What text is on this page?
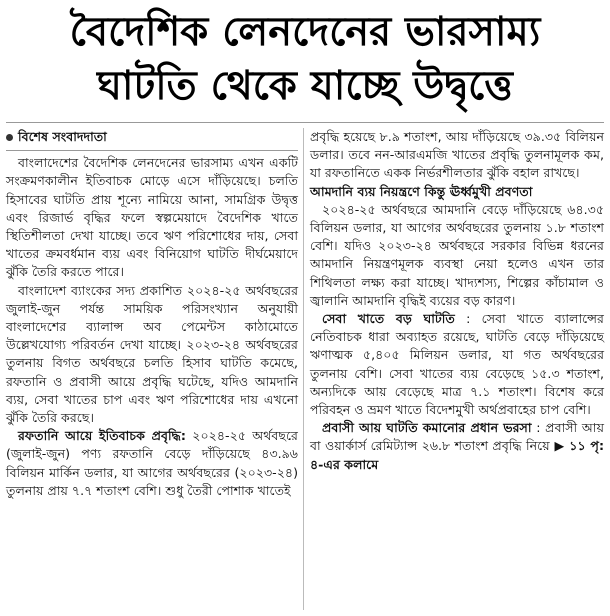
বৈদেশিক লেনদেনের ভারসাম্য
ঘাটতি থেকে যাচ্ছে উদ্বৃত্তে
বিশেষ সংবাদদাতা

বাংলাদেশের বৈদেশিক লেনদেনের ভারসাম্য এখন একটি সংক্রমণকালীন ইতিবাচক মোড়ে এসে দাঁড়িয়েছে। চলতি হিসাবের ঘাটতি প্রায় শূন্যে নামিয়ে আনা, সামগ্রিক উদ্বৃত্ত এবং রিজার্ভ বৃদ্ধির ফলে স্বল্পমেয়াদে বৈদেশিক খাতে স্থিতিশীলতা দেখা যাচ্ছে। তবে ঋণ পরিশোধের দায়, সেবা খাতের ক্রমবর্ধমান ব্যয় এবং বিনিয়োগ ঘাটতি দীর্ঘমেয়াদে ঝুঁকি তৈরি করতে পারে।

বাংলাদেশ ব্যাংকের সদ্য প্রকাশিত ২০২৪-২৫ অর্থবছরের জুলাই-জুন পর্যন্ত সাময়িক পরিসংখ্যান অনুযায়ী বাংলাদেশের ব্যালান্স অব পেমেন্টস কাঠামোতে উল্লেখযোগ্য পরিবর্তন দেখা যাচ্ছে। ২০২৩-২৪ অর্থবছরের তুলনায় বিগত অর্থবছরে চলতি হিসাব ঘাটতি কমেছে, রফতানি ও প্রবাসী আয়ে প্রবৃদ্ধি ঘটেছে, যদিও আমদানি ব্যয়, সেবা খাতের চাপ এবং ঋণ পরিশোধের দায় এখনো ঝুঁকি তৈরি করছে।

রফতানি আয়ে ইতিবাচক প্রবৃদ্ধি: ২০২৪-২৫ অর্থবছরে (জুলাই-জুন) পণ্য রফতানি বেড়ে দাঁড়িয়েছে ৪৩.৯৬ বিলিয়ন মার্কিন ডলার, যা আগের অর্থবছরের (২০২৩-২৪) তুলনায় প্রায় ৭.৭ শতাংশ বেশি। শুধু তৈরী পোশাক খাতেই

প্রবৃদ্ধি হয়েছে ৮.৯ শতাংশ, আয় দাঁড়িয়েছে ৩৯.৩৫ বিলিয়ন ডলার। তবে নন-আরএমজি খাতের প্রবৃদ্ধি তুলনামূলক কম, যা রফতানিতে একক নির্ভরশীলতার ঝুঁকি বহাল রাখছে।

আমদানি ব্যয় নিয়ন্ত্রণে কিন্তু ঊর্ধ্বমুখী প্রবণতা

২০২৪-২৫ অর্থবছরে আমদানি বেড়ে দাঁড়িয়েছে ৬৪.৩৫ বিলিয়ন ডলার, যা আগের অর্থবছরের তুলনায় ১.৮ শতাংশ বেশি। যদিও ২০২৩-২৪ অর্থবছরে সরকার বিভিন্ন ধরনের আমদানি নিয়ন্ত্রণমূলক ব্যবস্থা নেয়া হলেও এখন তার শিথিলতা লক্ষ্য করা যাচ্ছে। খাদ্যশস্য, শিল্পের কাঁচামাল ও জ্বালানি আমদানি বৃদ্ধিই ব্যয়ের বড় কারণ।

সেবা খাতে বড় ঘাটতি : সেবা খাতে ব্যালান্সের নেতিবাচক ধারা অব্যাহত রয়েছে, ঘাটতি বেড়ে দাঁড়িয়েছে ঋণাত্মক ৫,৪০৫ মিলিয়ন ডলার, যা গত অর্থবছরের তুলনায় বেশি। সেবা খাতের ব্যয় বেড়েছে ১৫.৩ শতাংশ, অন্যদিকে আয় বেড়েছে মাত্র ৭.১ শতাংশ। বিশেষ করে পরিবহন ও ভ্রমণ খাতে বিদেশমুখী অর্থপ্রবাহের চাপ বেশি।

প্রবাসী আয় ঘাটতি কমানোর প্রধান ভরসা : প্রবাসী আয় বা ওয়ার্কার্স রেমিট্যান্স ২৬.৮ শতাংশ প্রবৃদ্ধি নিয়ে ▶ ১১ পৃ: ৪-এর কলামে
